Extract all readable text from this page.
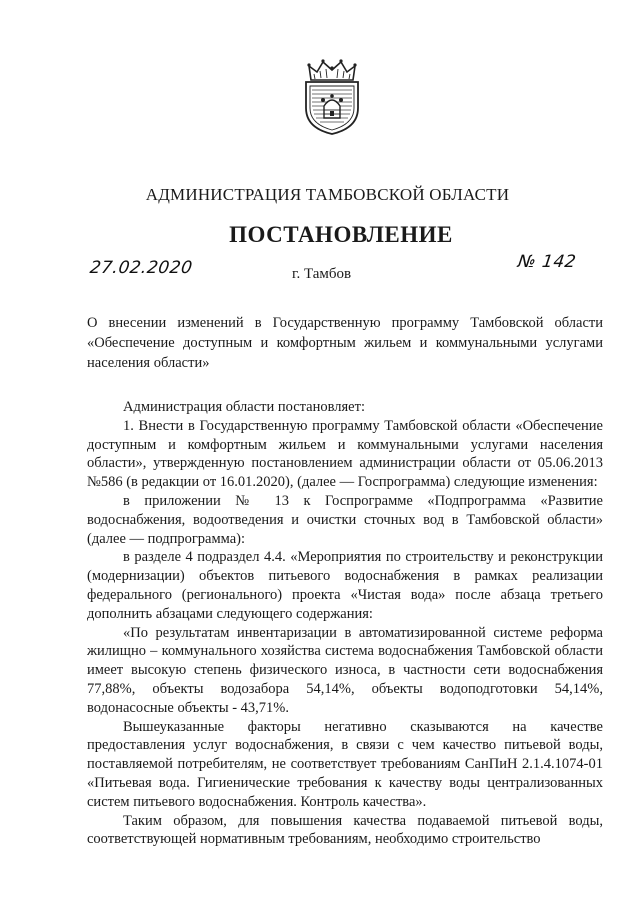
АДМИНИСТРАЦИЯ ТАМБОВСКОЙ ОБЛАСТИ
ПОСТАНОВЛЕНИЕ
27.02.2020	г. Тамбов
№ 142
О внесении изменений в Государственную программу Тамбовской области «Обеспечение доступным и комфортным жильем и коммунальными услугами населения области»

Администрация области постановляет:

1. Внести в Государственную программу Тамбовской области «Обеспечение доступным и комфортным жильем и коммунальными услугами населения области», утвержденную постановлением администрации области от 05.06.2013 №586 (в редакции от 16.01.2020), (далее — Госпрограмма) следующие изменения:

в приложении № 13 к Госпрограмме «Подпрограмма «Развитие водоснабжения, водоотведения и очистки сточных вод в Тамбовской области» (далее — подпрограмма):

в разделе 4 подраздел 4.4. «Мероприятия по строительству и реконструкции (модернизации) объектов питьевого водоснабжения в рамках реализации федерального (регионального) проекта «Чистая вода» после абзаца третьего дополнить абзацами следующего содержания:

«По результатам инвентаризации в автоматизированной системе реформа жилищно – коммунального хозяйства система водоснабжения Тамбовской области имеет высокую степень физического износа, в частности сети водоснабжения 77,88%, объекты водозабора 54,14%, объекты водоподготовки 54,14%, водонасосные объекты - 43,71%.

Вышеуказанные факторы негативно сказываются на качестве предоставления услуг водоснабжения, в связи с чем качество питьевой воды, поставляемой потребителям, не соответствует требованиям СанПиН 2.1.4.1074-01 «Питьевая вода. Гигиенические требования к качеству воды централизованных систем питьевого водоснабжения. Контроль качества».

Таким образом, для повышения качества подаваемой питьевой воды, соответствующей нормативным требованиям, необходимо строительство
